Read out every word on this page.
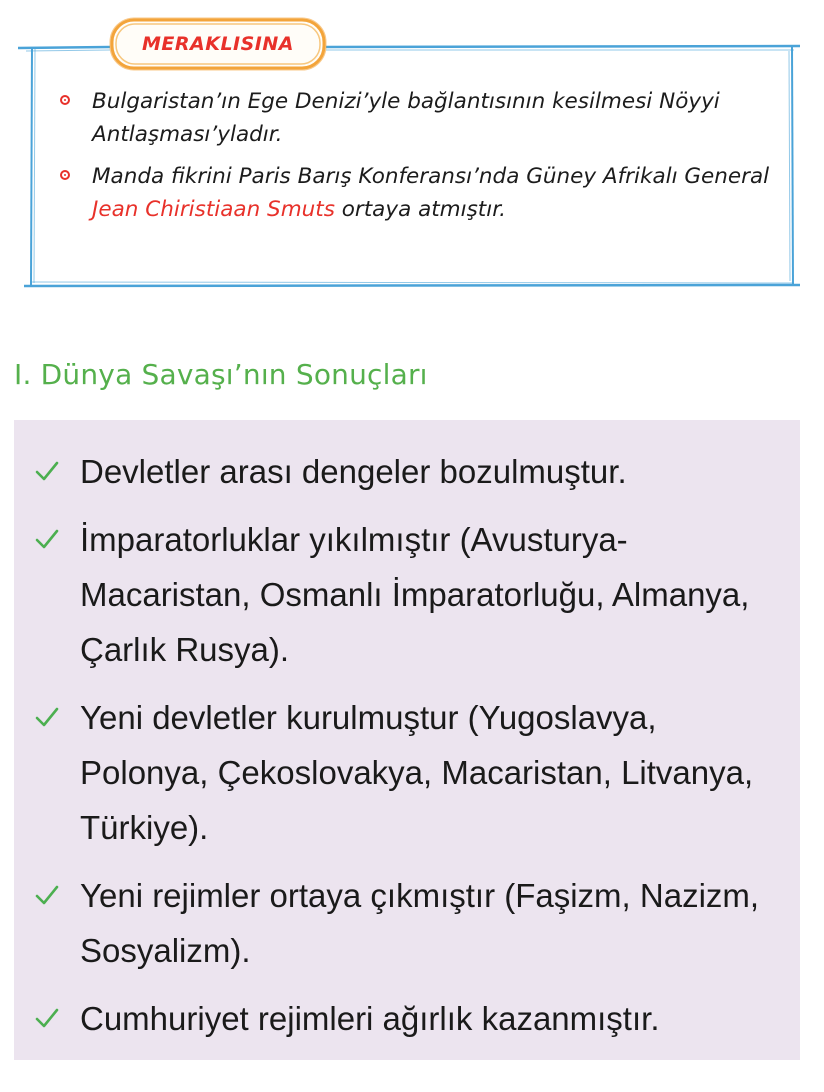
MERAKLISINA
Bulgaristan’ın Ege Denizi’yle bağlantısının kesilmesi Nöyyi Antlaşması’yladır.
Manda fikrini Paris Barış Konferansı’nda Güney Afrikalı General Jean Chiristiaan Smuts ortaya atmıştır.
I. Dünya Savaşı’nın Sonuçları
Devletler arası dengeler bozulmuştur.
İmparatorluklar yıkılmıştır (Avusturya-Macaristan, Osmanlı İmparatorluğu, Almanya, Çarlık Rusya).
Yeni devletler kurulmuştur (Yugoslavya, Polonya, Çekoslovakya, Macaristan, Litvanya, Türkiye).
Yeni rejimler ortaya çıkmıştır (Faşizm, Nazizm, Sosyalizm).
Cumhuriyet rejimleri ağırlık kazanmıştır.
